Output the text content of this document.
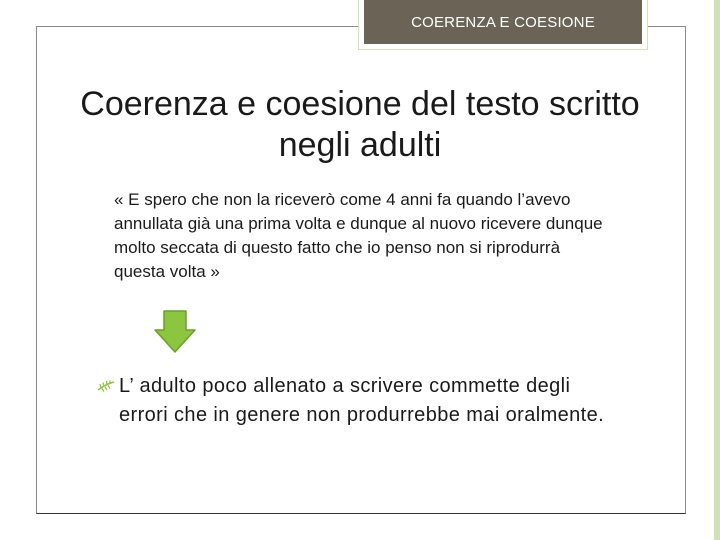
COERENZA E COESIONE
Coerenza e coesione del testo scritto negli adulti
« E spero che non la riceverò come 4 anni fa quando l’avevo annullata già una prima volta e dunque al nuovo ricevere dunque molto seccata di questo fatto che io penso non si riprodurrà questa volta »
L’ adulto poco allenato a scrivere commette degli errori che in genere non produrrebbe mai oralmente.
